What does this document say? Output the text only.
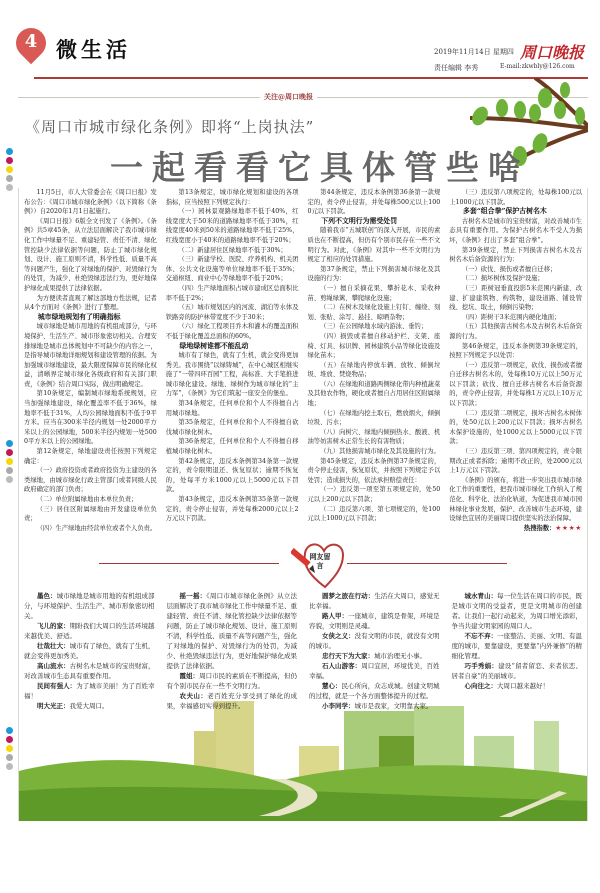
4 微生活	2019年11月14日 星期四 周口晚报
责任编辑 李秀	E-mail:zkwbly@126.com
关注@周口晚报
《周口市城市绿化条例》即将“上岗执法”
一起看看它具体管些啥

11月5日，市人大常委会在《周口日报》发布公告：《周口市城市绿化条例》（以下简称《条例》）自2020年1月1日起施行。

《周口日报》6版全文刊发了《条例》。《条例》共5章45条，从立法层面解决了我市城市绿化工作中绿量不足、重建轻管、责任不清、绿化管控缺少法律依据等问题，防止了城市绿化规划、设计、施工原则不清，科学性低、质量不高等问题产生，强化了对绿地的保护、对毁绿行为的处罚，为减少、杜绝毁绿违法行为，更好地保护绿化成果提供了法律依据。

为方便读者直观了解这部地方性法规，记者从4个方面对《条例》进行了整理。

城市绿地规划有了明确指标

城市绿地是城市用地的有机组成部分，与环境保护、生活生产、城市形象密切相关。合理安排绿地是城市总体规划中不可缺少的内容之一，是指导城市绿地详细规划和建设管理的依据。为加强城市绿地建设，最大限度保障市民的绿化权益，清晰界定城市绿化各级政府和有关部门职责，《条例》结合周口实际，做出明确规定。

第10条规定，编制城市绿地系统规划，应当加强绿地建设，绿化覆盖率不低于36%，绿地率不低于31%，人均公园绿地面积不低于9平方米。应当在300米半径内规划一处2000平方米以上的公园绿地，500米半径内规划一处5000平方米以上的公园绿地。

第12条规定，绿地建设责任按照下列规定确定：

（一）政府投资或者政府投资为主建设的各类绿地，由城市绿化行政主管部门或者同级人民政府确定的部门负责；

（二）单位附属绿地由本单位负责；

（三）居住区附属绿地由开发建设单位负责；

（四）生产绿地由经营单位或者个人负责。

第13条规定，城市绿化规划和建设的各项指标，应当按照下列规定执行：

（一）园林景观路绿地率不低于40%，红线宽度大于50米的道路绿地率不低于30%，红线宽度40米到50米的道路绿地率不低于25%，红线宽度小于40米的道路绿地率不低于20%；

（二）新建居住区绿地率不低于30%；

（三）新建学校、医院、疗养机构、机关团体、公共文化设施等单位绿地率不低于35%；交通枢纽、商业中心等绿地率不低于20%；

（四）生产绿地面积占城市建成区总面积比率不低于2%；

（五）城市规划区内的河流、湖泊等水体及铁路旁的防护林带宽度不少于30米；

（六）绿化工程项目乔木和灌木的覆盖面积不低于绿化覆盖总面积的60%。

绿地绿树谁都不能乱动

城市有了绿色，就有了生机，就会变得更加秀美。我市围绕“以绿铸城”，在中心城区相继实施了“一带四环百园”工程，高标准、大手笔推进城市绿化建设。绿地、绿树作为城市绿化的“主力军”，《条例》为它们筑起一座安全的堡垒。

第34条规定，任何单位和个人不得擅自占用城市绿地。

第35条规定，任何单位和个人不得擅自砍伐城市绿化树木。

第36条规定，任何单位和个人不得擅自移植城市绿化树木。

第42条规定，违反本条例第34条第一款规定的，责令限期退还、恢复原状；逾期不恢复的，处每平方米1000元以上5000元以下罚款。

第43条规定，违反本条例第35条第一款规定的，责令停止侵害，并处每株2000元以上2万元以下罚款。

第44条规定，违反本条例第36条第一款规定的，责令停止侵害，并处每株500元以上1000元以下罚款。

下列不文明行为需受处罚

随着我市“五城联创”的深入开展，市民的素质也在不断提高，但仍有个别市民存在一些不文明行为。对此，《条例》对其中一些不文明行为规定了相应的处罚措施。

第37条规定，禁止下列损害城市绿化及其设施的行为：

（一）擅自采摘花果、攀折花木、采收种苗、剪绳绿篱、攀爬绿化设施；

（二）在树木及绿化设施上钉钉、缠绕、刻划、张贴、涂写、悬挂、晾晒杂物；

（三）在公园绿地水域内游泳、垂钓；

（四）损毁或者擅自移动护栏、支架、座椅、灯具、标识牌、园林建筑小品等绿化设施及绿化苗木；

（五）在绿地内停放车辆、放牧、倾倒垃圾、堆放、焚烧物品；

（六）在绿地和道路两侧绿化带内种植蔬菜及其他农作物，硬化或者擅自占用居住区附属绿地；

（七）在绿地内挖土取石，燃放烟火，倾倒垃圾、污水；

（八）向树穴、绿地内倾倒热水、酸液、机油等妨害树木正常生长的有害物质；

（九）其他损害城市绿化及其设施的行为。

第45条规定，违反本条例第37条规定的，责令停止侵害，恢复原状，并按照下列规定予以处罚；造成损失的，依法承担赔偿责任：

（一）违反第一项至第五项规定的，处50元以上200元以下罚款；

（二）违反第六项、第七项规定的，处100元以上1000元以下罚款；

（三）违反第八项规定的，处每株100元以上1000元以下罚款。

多套“组合拳”保护古树名木

古树名木是城市的宝贵财富，对改善城市生态具有重要作用。为保护古树名木不受人为损坏，《条例》打出了多套“组合拳”。

第39条规定，禁止下列损害古树名木及古树名木后备资源的行为：

（一）砍伐、损伤或者擅自迁移；

（二）损坏树体及保护设施；

（三）距树冠垂直投影5米范围内新建、改建、扩建建筑物、构筑物，建设道路、铺设管线、挖坑、取土，倾倒污染物；

（四）距树干3米范围内硬化地面；

（五）其他损害古树名木及古树名木后备资源的行为。

第46条规定，违反本条例第39条规定的，按照下列规定予以处罚：

（一）违反第一项规定，砍伐、损伤或者擅自迁移古树名木的，处每株10万元以上50万元以下罚款；砍伐、擅自迁移古树名木后备资源的，责令停止侵害，并处每株1万元以上10万元以下罚款；

（二）违反第二项规定，损坏古树名木树体的，处50元以上200元以下罚款；损坏古树名木保护设施的，处1000元以上5000元以下罚款；

（三）违反第三项、第四项规定的，责令限期改正或者拆除；逾期不改正的，处2000元以上1万元以下罚款。

《条例》的颁布，将进一步突出我市城市绿化工作的重要性，把我市城市绿化工作纳入了规范化、科学化、法治化轨道，为促进我市城市园林绿化事业发展，保护、改善城市生态环境，建设绿色宜居的美丽周口提供坚实的法治保障。

热搜指数：★★★★

网友留言

墨色：城市绿地是城市用地的有机组成部分，与环境保护、生活生产、城市形象密切相关。

飞儿的家：期盼我们大周口的生活环境越来越优美、舒适。

壮哉壮大：城市有了绿色，就有了生机，就会变得更加秀美。

高山流水：古树名木是城市的宝贵财富，对改善城市生态具有重要作用。

民间有强人：为了城市美丽！为了百姓幸福！

明大光正：我爱大周口。

摇一摇：《周口市城市绿化条例》从立法层面解决了我市城市绿化工作中绿量不足、重建轻管、责任不清、绿化管控缺少法律依据等问题，防止了城市绿化规划、设计、施工原则不清，科学性低、质量不高等问题产生，强化了对绿地的保护、对毁绿行为的处罚，为减少、杜绝毁绿违法行为，更好地保护绿化成果提供了法律依据。

霞姐：周口市民的素质在不断提高，但仍有个别市民存在一些不文明行为。

农夫山：老百姓充分享受到了绿化的成果，幸福感切实得到提升。

圆梦之旅在行动：生活在大周口，感觉无比幸福。

路人甲：一座城市，建筑是骨架，环境是容貌，文明则是灵魂。

女侠之义：没有文明的市民，就没有文明的城市。

忠行天下为大家：城市治理无小事。

石人山游客：周口宜居，环境优美，百姓幸福。

慧心：民心所向，众志成城。创建文明城的过程，就是一个各方面整体提升的过程。

小李同学：城市是我家，文明靠大家。

城水青山：每一位生活在周口的市民，既是城市文明的受益者，更是文明城市的创建者。让我们一起行动起来，为周口增光添彩，争当共建文明家园的周口人。

不忘不弃：一座整洁、美丽、文明、有温度的城市，要靠建设，更要靠“内外兼修”的精细化管理。

巧手秀娟：建设“留者留恋、来者依恋、居者自豪”的美丽城市。

心向往之：大周口越来越好！
